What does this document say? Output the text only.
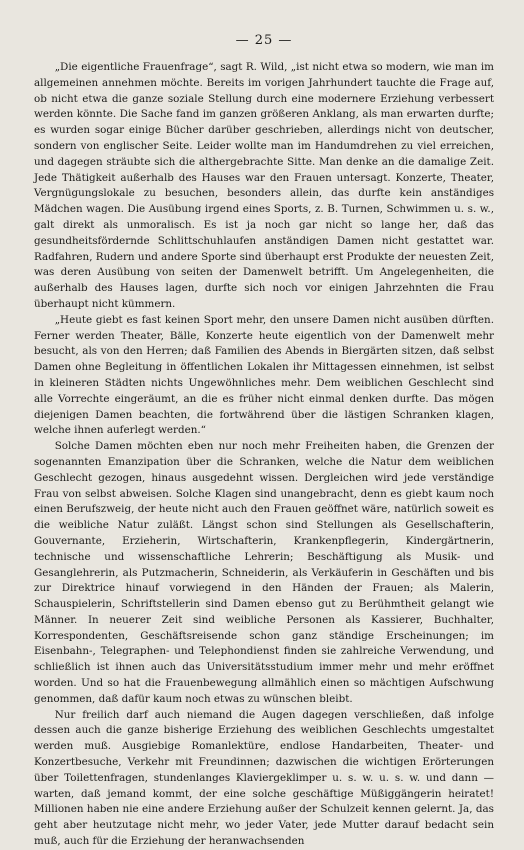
— 25 —

„Die eigentliche Frauenfrage“, sagt R. Wild, „ist nicht etwa so modern, wie man im allgemeinen annehmen möchte. Bereits im vorigen Jahrhundert tauchte die Frage auf, ob nicht etwa die ganze soziale Stellung durch eine modernere Erziehung verbessert werden könnte. Die Sache fand im ganzen größeren Anklang, als man erwarten durfte; es wurden sogar einige Bücher darüber geschrieben, allerdings nicht von deutscher, sondern von englischer Seite. Leider wollte man im Handumdrehen zu viel erreichen, und dagegen sträubte sich die althergebrachte Sitte. Man denke an die damalige Zeit. Jede Thätigkeit außerhalb des Hauses war den Frauen untersagt. Konzerte, Theater, Vergnügungslokale zu besuchen, besonders allein, das durfte kein anständiges Mädchen wagen. Die Ausübung irgend eines Sports, z. B. Turnen, Schwimmen u. s. w., galt direkt als unmoralisch. Es ist ja noch gar nicht so lange her, daß das gesundheitsfördernde Schlittschuhlaufen anständigen Damen nicht gestattet war. Radfahren, Rudern und andere Sporte sind überhaupt erst Produkte der neuesten Zeit, was deren Ausübung von seiten der Damenwelt betrifft. Um Angelegenheiten, die außerhalb des Hauses lagen, durfte sich noch vor einigen Jahrzehnten die Frau überhaupt nicht kümmern.

„Heute giebt es fast keinen Sport mehr, den unsere Damen nicht ausüben dürften. Ferner werden Theater, Bälle, Konzerte heute eigentlich von der Damenwelt mehr besucht, als von den Herren; daß Familien des Abends in Biergärten sitzen, daß selbst Damen ohne Begleitung in öffentlichen Lokalen ihr Mittagessen einnehmen, ist selbst in kleineren Städten nichts Ungewöhnliches mehr. Dem weiblichen Geschlecht sind alle Vorrechte eingeräumt, an die es früher nicht einmal denken durfte. Das mögen diejenigen Damen beachten, die fortwährend über die lästigen Schranken klagen, welche ihnen auferlegt werden.“

Solche Damen möchten eben nur noch mehr Freiheiten haben, die Grenzen der sogenannten Emanzipation über die Schranken, welche die Natur dem weiblichen Geschlecht gezogen, hinaus ausgedehnt wissen. Dergleichen wird jede verständige Frau von selbst abweisen. Solche Klagen sind unangebracht, denn es giebt kaum noch einen Berufszweig, der heute nicht auch den Frauen geöffnet wäre, natürlich soweit es die weibliche Natur zuläßt. Längst schon sind Stellungen als Gesellschafterin, Gouvernante, Erzieherin, Wirtschafterin, Krankenpflegerin, Kindergärtnerin, technische und wissenschaftliche Lehrerin; Beschäftigung als Musik- und Gesanglehrerin, als Putzmacherin, Schneiderin, als Verkäuferin in Geschäften und bis zur Direktrice hinauf vorwiegend in den Händen der Frauen; als Malerin, Schauspielerin, Schriftstellerin sind Damen ebenso gut zu Berühmtheit gelangt wie Männer. In neuerer Zeit sind weibliche Personen als Kassierer, Buchhalter, Korrespondenten, Geschäftsreisende schon ganz ständige Erscheinungen; im Eisenbahn-, Telegraphen- und Telephondienst finden sie zahlreiche Verwendung, und schließlich ist ihnen auch das Universitätsstudium immer mehr und mehr eröffnet worden. Und so hat die Frauenbewegung allmählich einen so mächtigen Aufschwung genommen, daß dafür kaum noch etwas zu wünschen bleibt.

Nur freilich darf auch niemand die Augen dagegen verschließen, daß infolge dessen auch die ganze bisherige Erziehung des weiblichen Geschlechts umgestaltet werden muß. Ausgiebige Romanlektüre, endlose Handarbeiten, Theater- und Konzertbesuche, Verkehr mit Freundinnen; dazwischen die wichtigen Erörterungen über Toilettenfragen, stundenlanges Klaviergeklimper u. s. w. u. s. w. und dann — warten, daß jemand kommt, der eine solche geschäftige Müßiggängerin heiratet! Millionen haben nie eine andere Erziehung außer der Schulzeit kennen gelernt. Ja, das geht aber heutzutage nicht mehr, wo jeder Vater, jede Mutter darauf bedacht sein muß, auch für die Erziehung der heranwachsenden
